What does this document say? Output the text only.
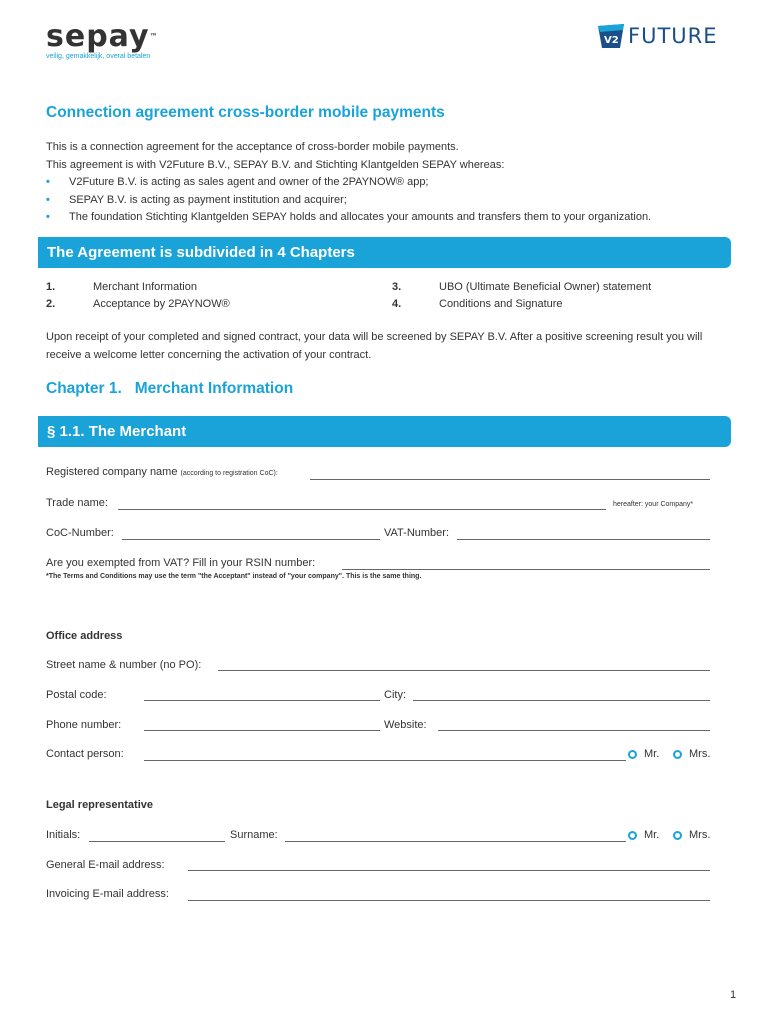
sepay™
veilig, gemakkelijk, overal betalen
V2 FUTURE
Connection agreement cross-border mobile payments
This is a connection agreement for the acceptance of cross-border mobile payments.
This agreement is with V2Future B.V., SEPAY B.V. and Stichting Klantgelden SEPAY whereas:
• V2Future B.V. is acting as sales agent and owner of the 2PAYNOW® app;
• SEPAY B.V. is acting as payment institution and acquirer;
• The foundation Stichting Klantgelden SEPAY holds and allocates your amounts and transfers them to your organization.
The Agreement is subdivided in 4 Chapters
1.	Merchant Information
2.	Acceptance by 2PAYNOW®
3.	UBO (Ultimate Beneficial Owner) statement
4.	Conditions and Signature
Upon receipt of your completed and signed contract, your data will be screened by SEPAY B.V. After a positive screening result you will receive a welcome letter concerning the activation of your contract.
Chapter 1.   Merchant Information
§ 1.1. The Merchant
Registered company name (according to registration CoC):
Trade name:	hereafter: your Company*
CoC-Number:	VAT-Number:
Are you exempted from VAT? Fill in your RSIN number:
*The Terms and Conditions may use the term "the Acceptant" instead of "your company". This is the same thing.
Office address
Street name & number (no PO):
Postal code:	City:
Phone number:	Website:
Contact person:	Mr.	Mrs.
Legal representative
Initials:	Surname:	Mr.	Mrs.
General E-mail address:
Invoicing E-mail address:
1
